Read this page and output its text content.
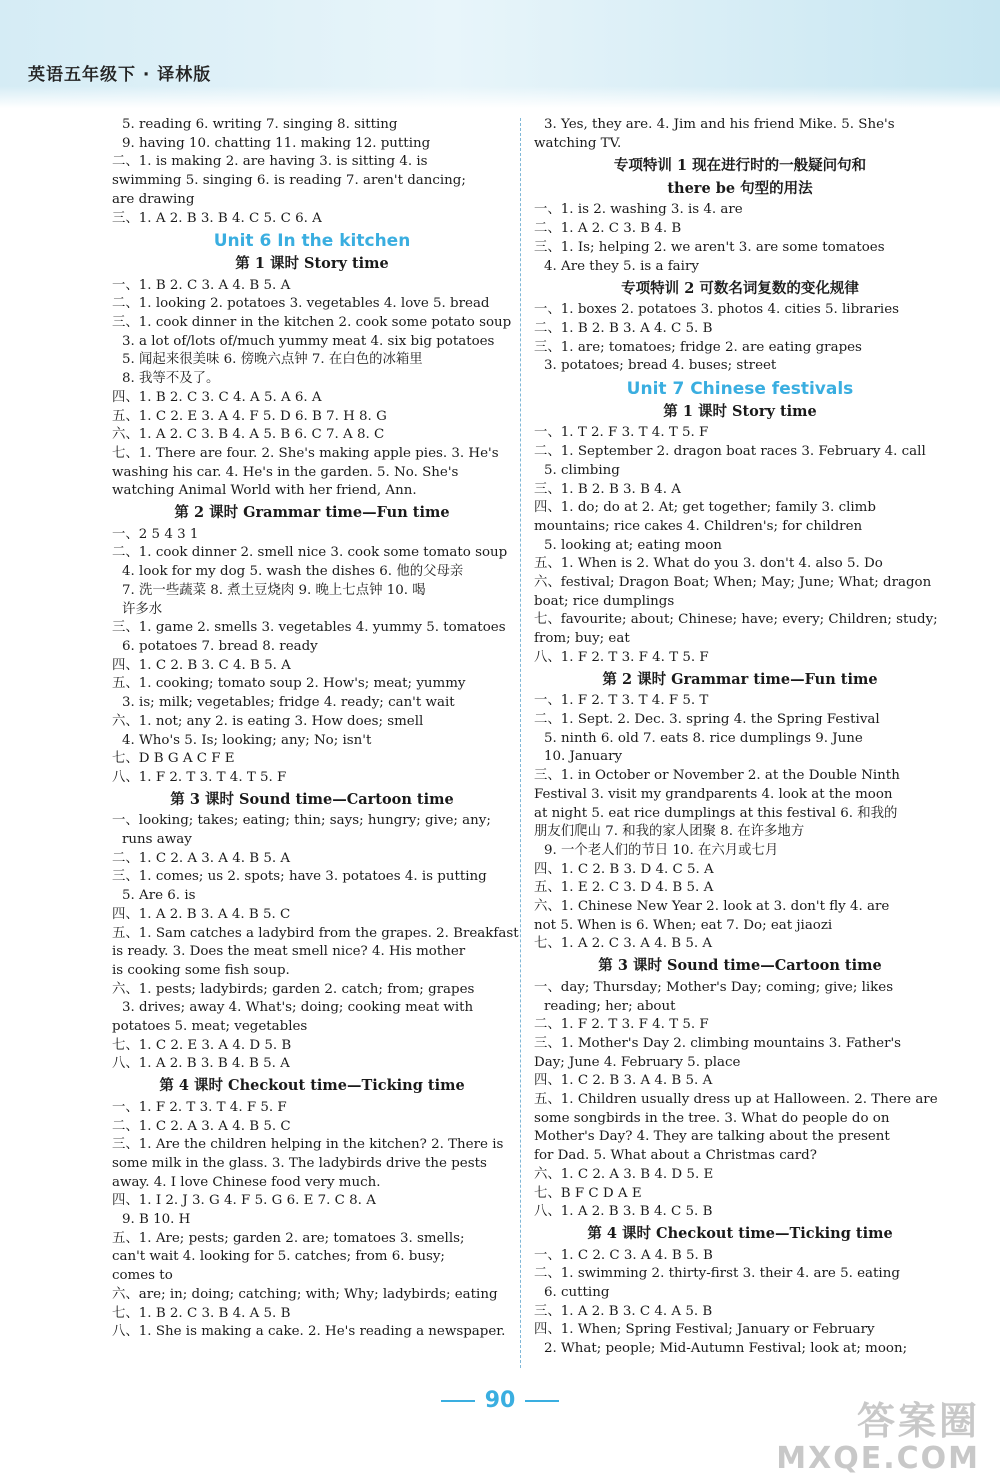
英语五年级下 · 译林版
5. reading 6. writing 7. singing 8. sitting
9. having 10. chatting 11. making 12. putting
二、1. is making 2. are having 3. is sitting 4. is
swimming 5. singing 6. is reading 7. aren't dancing;
are drawing
三、1. A 2. B 3. B 4. C 5. C 6. A
Unit 6 In the kitchen
第 1 课时 Story time
一、1. B 2. C 3. A 4. B 5. A
二、1. looking 2. potatoes 3. vegetables 4. love 5. bread
三、1. cook dinner in the kitchen 2. cook some potato soup
3. a lot of/lots of/much yummy meat 4. six big potatoes
5. 闻起来很美味 6. 傍晚六点钟 7. 在白色的冰箱里
8. 我等不及了。
四、1. B 2. C 3. C 4. A 5. A 6. A
五、1. C 2. E 3. A 4. F 5. D 6. B 7. H 8. G
六、1. A 2. C 3. B 4. A 5. B 6. C 7. A 8. C
七、1. There are four. 2. She's making apple pies. 3. He's
washing his car. 4. He's in the garden. 5. No. She's
watching Animal World with her friend, Ann.
第 2 课时 Grammar time—Fun time
一、2 5 4 3 1
二、1. cook dinner 2. smell nice 3. cook some tomato soup
4. look for my dog 5. wash the dishes 6. 他的父母亲
7. 洗一些蔬菜 8. 煮土豆烧肉 9. 晚上七点钟 10. 喝
许多水
三、1. game 2. smells 3. vegetables 4. yummy 5. tomatoes
6. potatoes 7. bread 8. ready
四、1. C 2. B 3. C 4. B 5. A
五、1. cooking; tomato soup 2. How's; meat; yummy
3. is; milk; vegetables; fridge 4. ready; can't wait
六、1. not; any 2. is eating 3. How does; smell
4. Who's 5. Is; looking; any; No; isn't
七、D B G A C F E
八、1. F 2. T 3. T 4. T 5. F
第 3 课时 Sound time—Cartoon time
一、looking; takes; eating; thin; says; hungry; give; any;
runs away
二、1. C 2. A 3. A 4. B 5. A
三、1. comes; us 2. spots; have 3. potatoes 4. is putting
5. Are 6. is
四、1. A 2. B 3. A 4. B 5. C
五、1. Sam catches a ladybird from the grapes. 2. Breakfast
is ready. 3. Does the meat smell nice? 4. His mother
is cooking some fish soup.
六、1. pests; ladybirds; garden 2. catch; from; grapes
3. drives; away 4. What's; doing; cooking meat with
potatoes 5. meat; vegetables
七、1. C 2. E 3. A 4. D 5. B
八、1. A 2. B 3. B 4. B 5. A
第 4 课时 Checkout time—Ticking time
一、1. F 2. T 3. T 4. F 5. F
二、1. C 2. A 3. A 4. B 5. C
三、1. Are the children helping in the kitchen? 2. There is
some milk in the glass. 3. The ladybirds drive the pests
away. 4. I love Chinese food very much.
四、1. I 2. J 3. G 4. F 5. G 6. E 7. C 8. A
9. B 10. H
五、1. Are; pests; garden 2. are; tomatoes 3. smells;
can't wait 4. looking for 5. catches; from 6. busy;
comes to
六、are; in; doing; catching; with; Why; ladybirds; eating
七、1. B 2. C 3. B 4. A 5. B
八、1. She is making a cake. 2. He's reading a newspaper.
3. Yes, they are. 4. Jim and his friend Mike. 5. She's
watching TV.
专项特训 1 现在进行时的一般疑问句和
there be 句型的用法
一、1. is 2. washing 3. is 4. are
二、1. A 2. C 3. B 4. B
三、1. Is; helping 2. we aren't 3. are some tomatoes
4. Are they 5. is a fairy
专项特训 2 可数名词复数的变化规律
一、1. boxes 2. potatoes 3. photos 4. cities 5. libraries
二、1. B 2. B 3. A 4. C 5. B
三、1. are; tomatoes; fridge 2. are eating grapes
3. potatoes; bread 4. buses; street
Unit 7 Chinese festivals
第 1 课时 Story time
一、1. T 2. F 3. T 4. T 5. F
二、1. September 2. dragon boat races 3. February 4. call
5. climbing
三、1. B 2. B 3. B 4. A
四、1. do; do at 2. At; get together; family 3. climb
mountains; rice cakes 4. Children's; for children
5. looking at; eating moon
五、1. When is 2. What do you 3. don't 4. also 5. Do
六、festival; Dragon Boat; When; May; June; What; dragon
boat; rice dumplings
七、favourite; about; Chinese; have; every; Children; study;
from; buy; eat
八、1. F 2. T 3. F 4. T 5. F
第 2 课时 Grammar time—Fun time
一、1. F 2. T 3. T 4. F 5. T
二、1. Sept. 2. Dec. 3. spring 4. the Spring Festival
5. ninth 6. old 7. eats 8. rice dumplings 9. June
10. January
三、1. in October or November 2. at the Double Ninth
Festival 3. visit my grandparents 4. look at the moon
at night 5. eat rice dumplings at this festival 6. 和我的
朋友们爬山 7. 和我的家人团聚 8. 在许多地方
9. 一个老人们的节日 10. 在六月或七月
四、1. C 2. B 3. D 4. C 5. A
五、1. E 2. C 3. D 4. B 5. A
六、1. Chinese New Year 2. look at 3. don't fly 4. are
not 5. When is 6. When; eat 7. Do; eat jiaozi
七、1. A 2. C 3. A 4. B 5. A
第 3 课时 Sound time—Cartoon time
一、day; Thursday; Mother's Day; coming; give; likes
reading; her; about
二、1. F 2. T 3. F 4. T 5. F
三、1. Mother's Day 2. climbing mountains 3. Father's
Day; June 4. February 5. place
四、1. C 2. B 3. A 4. B 5. A
五、1. Children usually dress up at Halloween. 2. There are
some songbirds in the tree. 3. What do people do on
Mother's Day? 4. They are talking about the present
for Dad. 5. What about a Christmas card?
六、1. C 2. A 3. B 4. D 5. E
七、B F C D A E
八、1. A 2. B 3. B 4. C 5. B
第 4 课时 Checkout time—Ticking time
一、1. C 2. C 3. A 4. B 5. B
二、1. swimming 2. thirty-first 3. their 4. are 5. eating
6. cutting
三、1. A 2. B 3. C 4. A 5. B
四、1. When; Spring Festival; January or February
2. What; people; Mid-Autumn Festival; look at; moon;
90	答案圈
MXQE.COM
